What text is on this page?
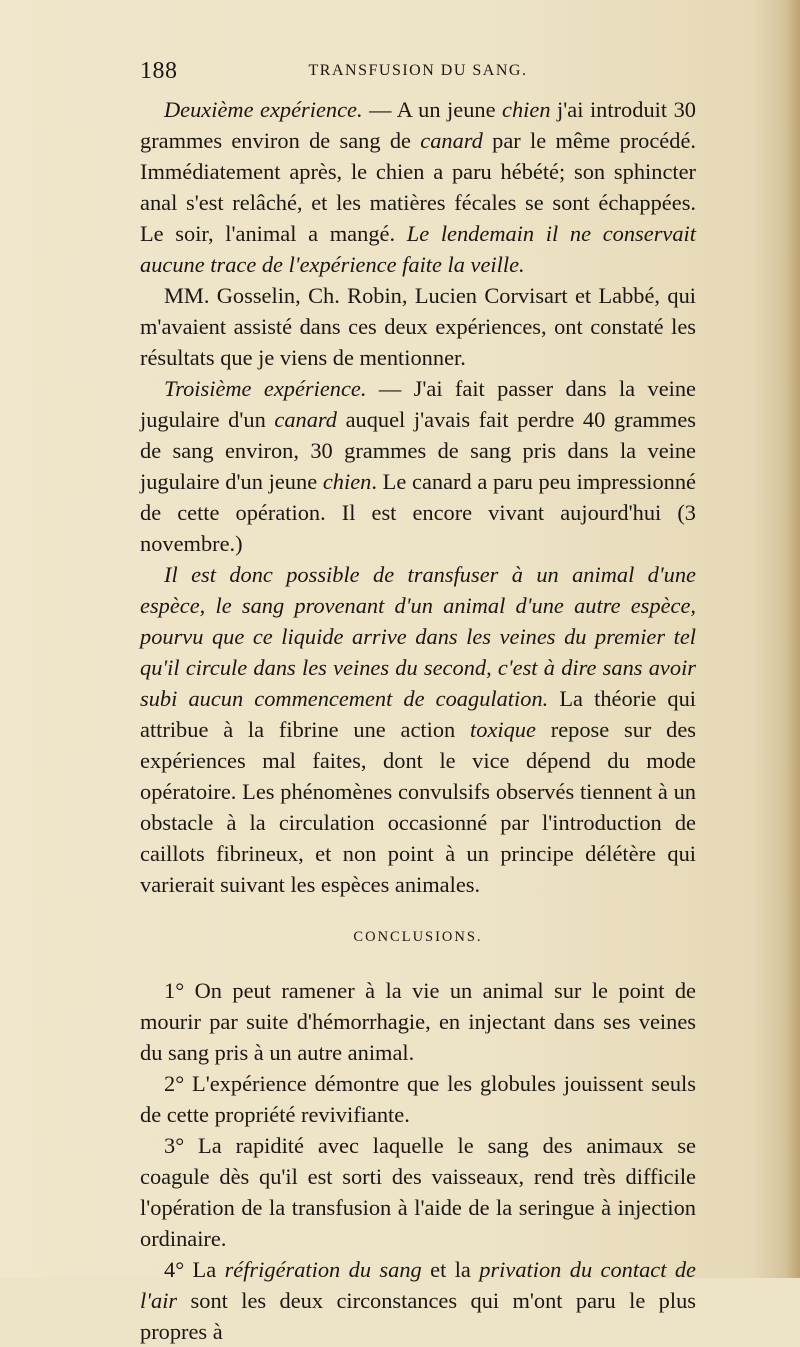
188	TRANSFUSION DU SANG.

Deuxième expérience. — A un jeune chien j'ai introduit 30 grammes environ de sang de canard par le même procédé. Immédiatement après, le chien a paru hébété; son sphincter anal s'est relâché, et les matières fécales se sont échappées. Le soir, l'animal a mangé. Le lendemain il ne conservait aucune trace de l'expérience faite la veille.

MM. Gosselin, Ch. Robin, Lucien Corvisart et Labbé, qui m'avaient assisté dans ces deux expériences, ont constaté les résultats que je viens de mentionner.

Troisième expérience. — J'ai fait passer dans la veine jugulaire d'un canard auquel j'avais fait perdre 40 grammes de sang environ, 30 grammes de sang pris dans la veine jugulaire d'un jeune chien. Le canard a paru peu impressionné de cette opération. Il est encore vivant aujourd'hui (3 novembre.)

Il est donc possible de transfuser à un animal d'une espèce, le sang provenant d'un animal d'une autre espèce, pourvu que ce liquide arrive dans les veines du premier tel qu'il circule dans les veines du second, c'est à dire sans avoir subi aucun commencement de coagulation. La théorie qui attribue à la fibrine une action toxique repose sur des expériences mal faites, dont le vice dépend du mode opératoire. Les phénomènes convulsifs observés tiennent à un obstacle à la circulation occasionné par l'introduction de caillots fibrineux, et non point à un principe délétère qui varierait suivant les espèces animales.

CONCLUSIONS.

1° On peut ramener à la vie un animal sur le point de mourir par suite d'hémorrhagie, en injectant dans ses veines du sang pris à un autre animal.

2° L'expérience démontre que les globules jouissent seuls de cette propriété revivifiante.

3° La rapidité avec laquelle le sang des animaux se coagule dès qu'il est sorti des vaisseaux, rend très difficile l'opération de la transfusion à l'aide de la seringue à injection ordinaire.

4° La réfrigération du sang et la privation du contact de l'air sont les deux circonstances qui m'ont paru le plus propres à
